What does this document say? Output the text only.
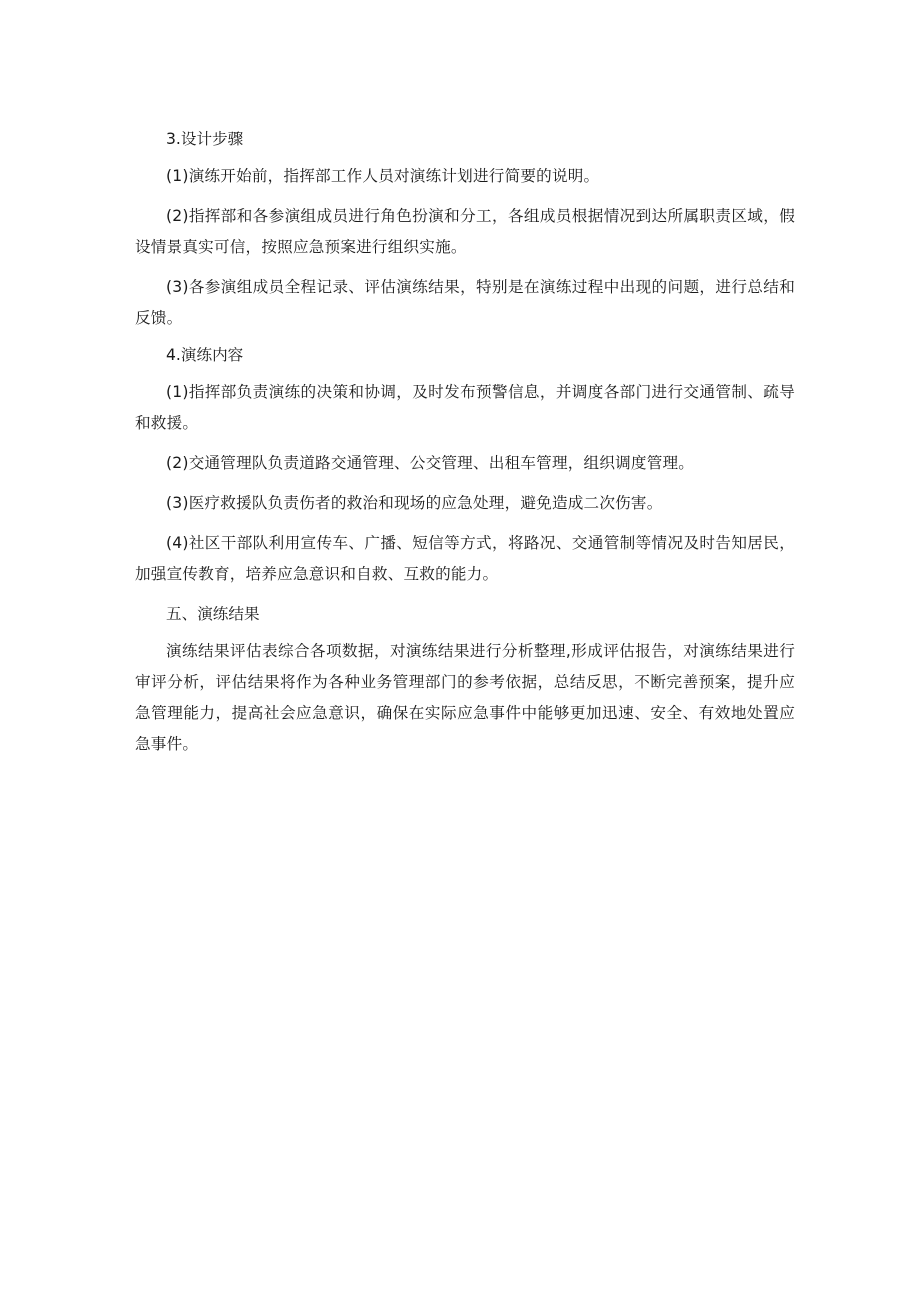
3.设计步骤

(1)演练开始前，指挥部工作人员对演练计划进行简要的说明。

(2)指挥部和各参演组成员进行角色扮演和分工，各组成员根据情况到达所属职责区域，假设情景真实可信，按照应急预案进行组织实施。

(3)各参演组成员全程记录、评估演练结果，特别是在演练过程中出现的问题，进行总结和反馈。

4.演练内容

(1)指挥部负责演练的决策和协调，及时发布预警信息，并调度各部门进行交通管制、疏导和救援。

(2)交通管理队负责道路交通管理、公交管理、出租车管理，组织调度管理。

(3)医疗救援队负责伤者的救治和现场的应急处理，避免造成二次伤害。

(4)社区干部队利用宣传车、广播、短信等方式，将路况、交通管制等情况及时告知居民，加强宣传教育，培养应急意识和自救、互救的能力。

五、演练结果

演练结果评估表综合各项数据，对演练结果进行分析整理,形成评估报告，对演练结果进行审评分析，评估结果将作为各种业务管理部门的参考依据，总结反思，不断完善预案，提升应急管理能力，提高社会应急意识，确保在实际应急事件中能够更加迅速、安全、有效地处置应急事件。
